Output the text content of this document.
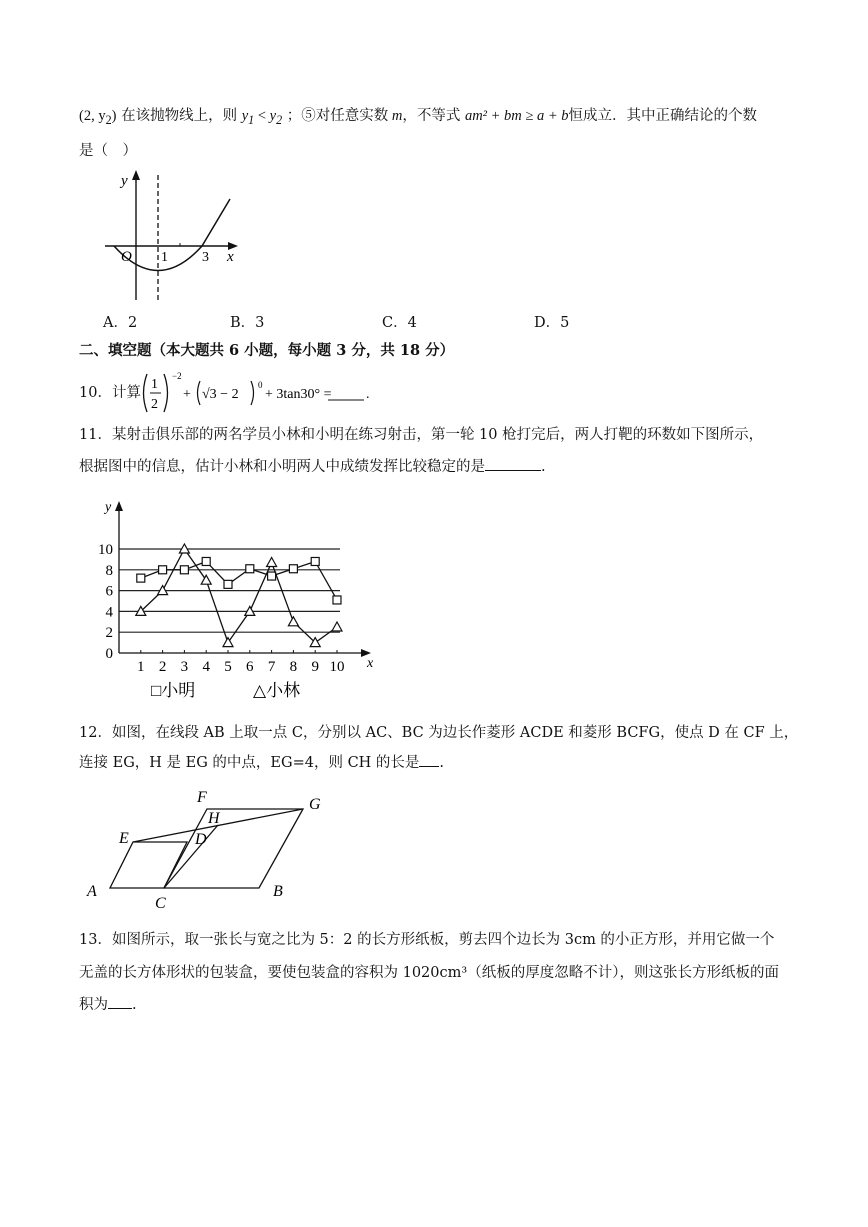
(2, $y_2$) 在该抛物线上，则 $y_1 < y_2$ ；⑤对任意实数 m，不等式 am² + bm ≥ a + b恒成立．其中正确结论的个数
是（　）
y
x
O 1 3
A．2	B．3	C．4	D．5
二、填空题（本大题共 6 小题，每小题 3 分，共 18 分）
10．计算
1
2
−2
+ √3 − 2
0
+ 3tan30° = .
11．某射击俱乐部的两名学员小林和小明在练习射击，第一轮 10 枪打完后，两人打靶的环数如下图所示，
根据图中的信息，估计小林和小明两人中成绩发挥比较稳定的是	.
0
2
4
6
8
10
y
x
1 2 3 4 5 6 7 8 9 10
□小明	△小林
12．如图，在线段 AB 上取一点 C，分别以 AC、BC 为边长作菱形 ACDE 和菱形 BCFG，使点 D 在 CF 上，
连接 EG，H 是 EG 的中点，EG=4，则 CH 的长是 .
F	G
H
E	D
A
C
B
13．如图所示，取一张长与宽之比为 5：2 的长方形纸板，剪去四个边长为 3cm 的小正方形，并用它做一个
无盖的长方体形状的包装盒，要使包装盒的容积为 1020cm³（纸板的厚度忽略不计），则这张长方形纸板的面
积为 .
